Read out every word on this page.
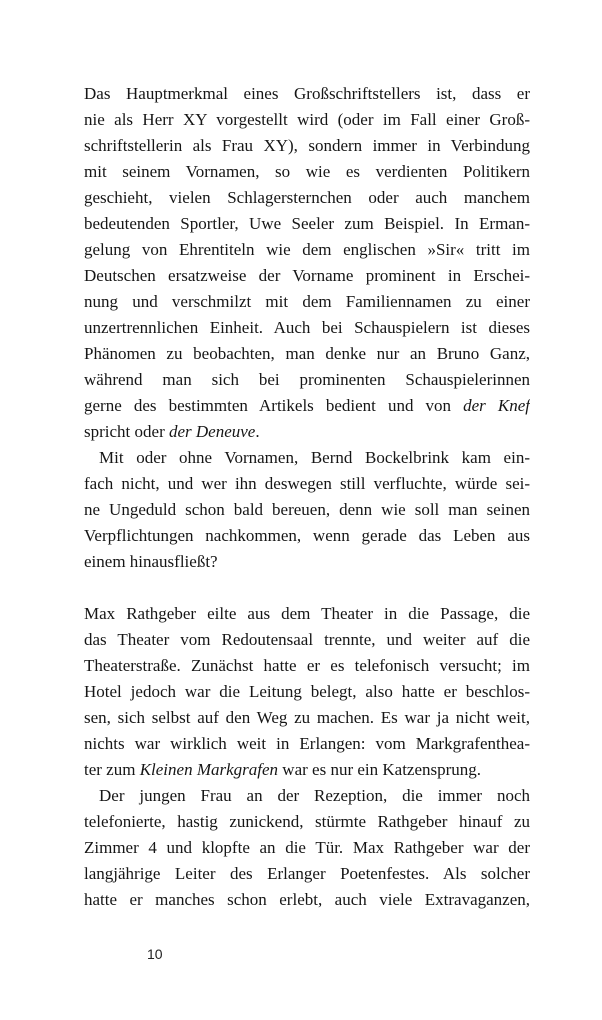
Das Hauptmerkmal eines Großschriftstellers ist, dass er
nie als Herr XY vorgestellt wird (oder im Fall einer Groß-
schriftstellerin als Frau XY), sondern immer in Verbindung
mit seinem Vornamen, so wie es verdienten Politikern
geschieht, vielen Schlagersternchen oder auch manchem
bedeutenden Sportler, Uwe Seeler zum Beispiel. In Erman-
gelung von Ehrentiteln wie dem englischen »Sir« tritt im
Deutschen ersatzweise der Vorname prominent in Erschei-
nung und verschmilzt mit dem Familiennamen zu einer
unzertrennlichen Einheit. Auch bei Schauspielern ist dieses
Phänomen zu beobachten, man denke nur an Bruno Ganz,
während man sich bei prominenten Schauspielerinnen
gerne des bestimmten Artikels bedient und von der Knef
spricht oder der Deneuve.
Mit oder ohne Vornamen, Bernd Bockelbrink kam ein-
fach nicht, und wer ihn deswegen still verfluchte, würde sei-
ne Ungeduld schon bald bereuen, denn wie soll man seinen
Verpflichtungen nachkommen, wenn gerade das Leben aus
einem hinausfließt?
Max Rathgeber eilte aus dem Theater in die Passage, die
das Theater vom Redoutensaal trennte, und weiter auf die
Theaterstraße. Zunächst hatte er es telefonisch versucht; im
Hotel jedoch war die Leitung belegt, also hatte er beschlos-
sen, sich selbst auf den Weg zu machen. Es war ja nicht weit,
nichts war wirklich weit in Erlangen: vom Markgrafenthea-
ter zum Kleinen Markgrafen war es nur ein Katzensprung.
Der jungen Frau an der Rezeption, die immer noch
telefonierte, hastig zunickend, stürmte Rathgeber hinauf zu
Zimmer 4 und klopfte an die Tür. Max Rathgeber war der
langjährige Leiter des Erlanger Poetenfestes. Als solcher
hatte er manches schon erlebt, auch viele Extravaganzen,
10
